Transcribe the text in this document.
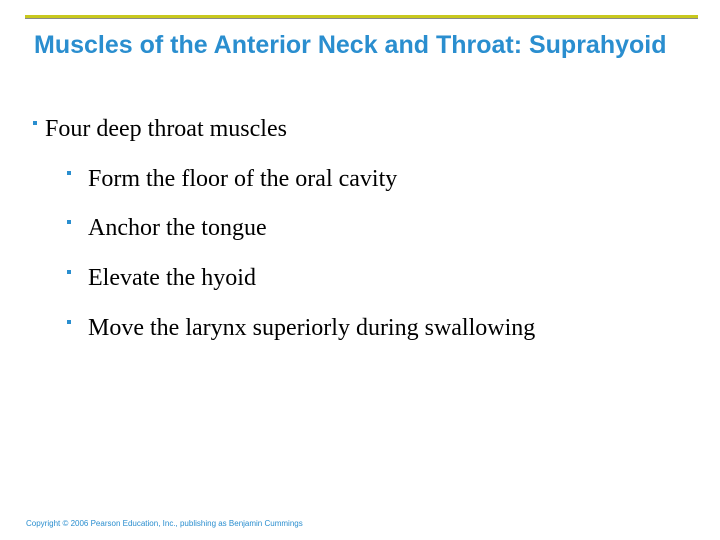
Muscles of the Anterior Neck and Throat: Suprahyoid
Four deep throat muscles
Form the floor of the oral cavity
Anchor the tongue
Elevate the hyoid
Move the larynx superiorly during swallowing
Copyright © 2006 Pearson Education, Inc., publishing as Benjamin Cummings
